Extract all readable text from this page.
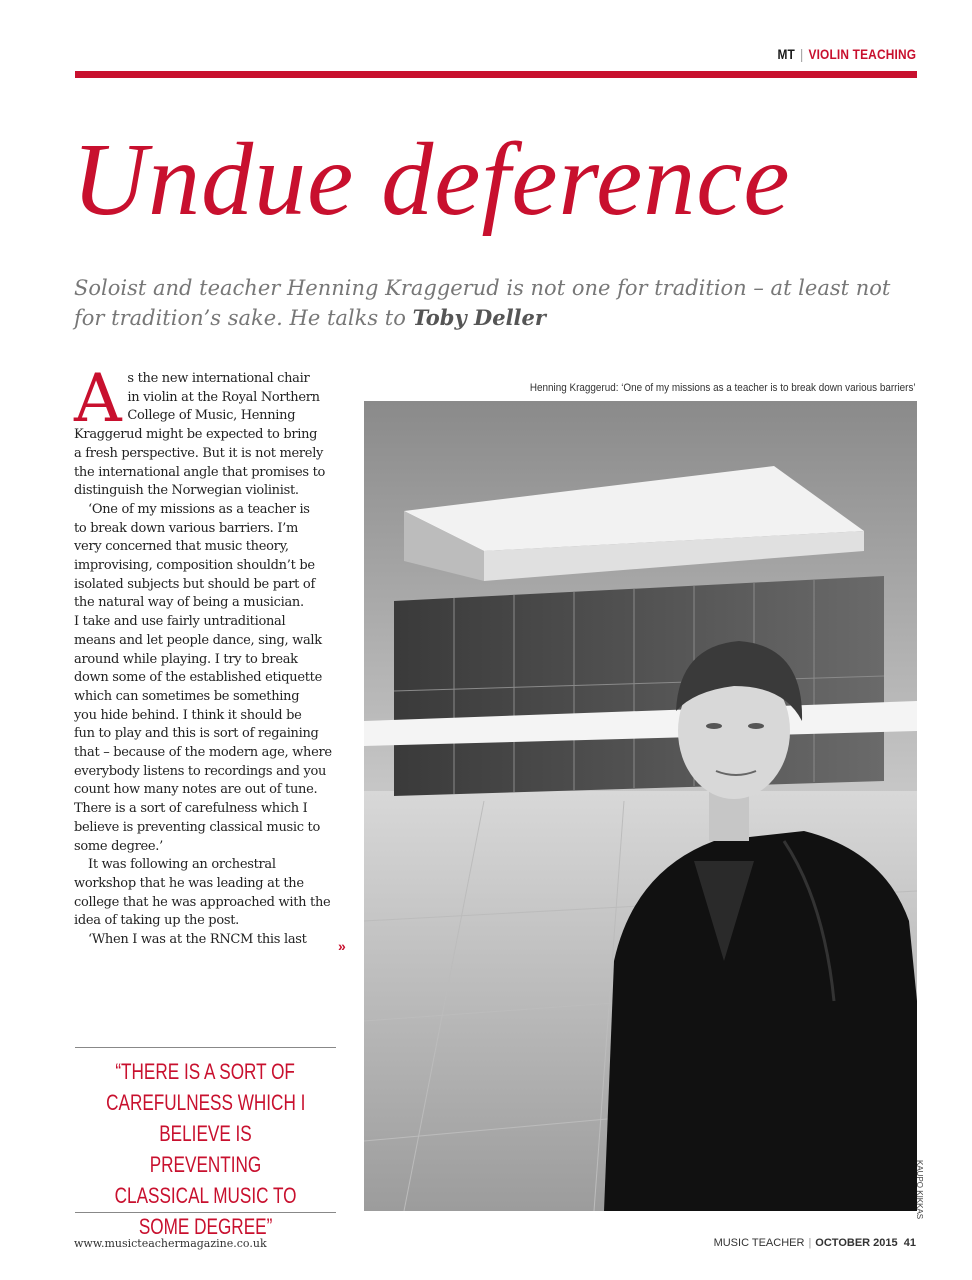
MT | VIOLIN TEACHING
Undue deference
Soloist and teacher Henning Kraggerud is not one for tradition – at least not for tradition’s sake. He talks to Toby Deller
A s the new international chair
in violin at the Royal Northern
College of Music, Henning
Kraggerud might be expected to bring
a fresh perspective. But it is not merely
the international angle that promises to
distinguish the Norwegian violinist.

‘One of my missions as a teacher is
to break down various barriers. I’m
very concerned that music theory,
improvising, composition shouldn’t be
isolated subjects but should be part of
the natural way of being a musician.
I take and use fairly untraditional
means and let people dance, sing, walk
around while playing. I try to break
down some of the established etiquette
which can sometimes be something
you hide behind. I think it should be
fun to play and this is sort of regaining
that – because of the modern age, where
everybody listens to recordings and you
count how many notes are out of tune.
There is a sort of carefulness which I
believe is preventing classical music to
some degree.’

It was following an orchestral
workshop that he was leading at the
college that he was approached with the
idea of taking up the post.

‘When I was at the RNCM this last	»
Henning Kraggerud: ‘One of my missions as a teacher is to break down various barriers’
KAUPO KIKKAS
“THERE IS A SORT OF
CAREFULNESS WHICH I
BELIEVE IS PREVENTING
CLASSICAL MUSIC TO
SOME DEGREE”
www.musicteachermagazine.co.uk	MUSIC TEACHER | OCTOBER 2015 41
